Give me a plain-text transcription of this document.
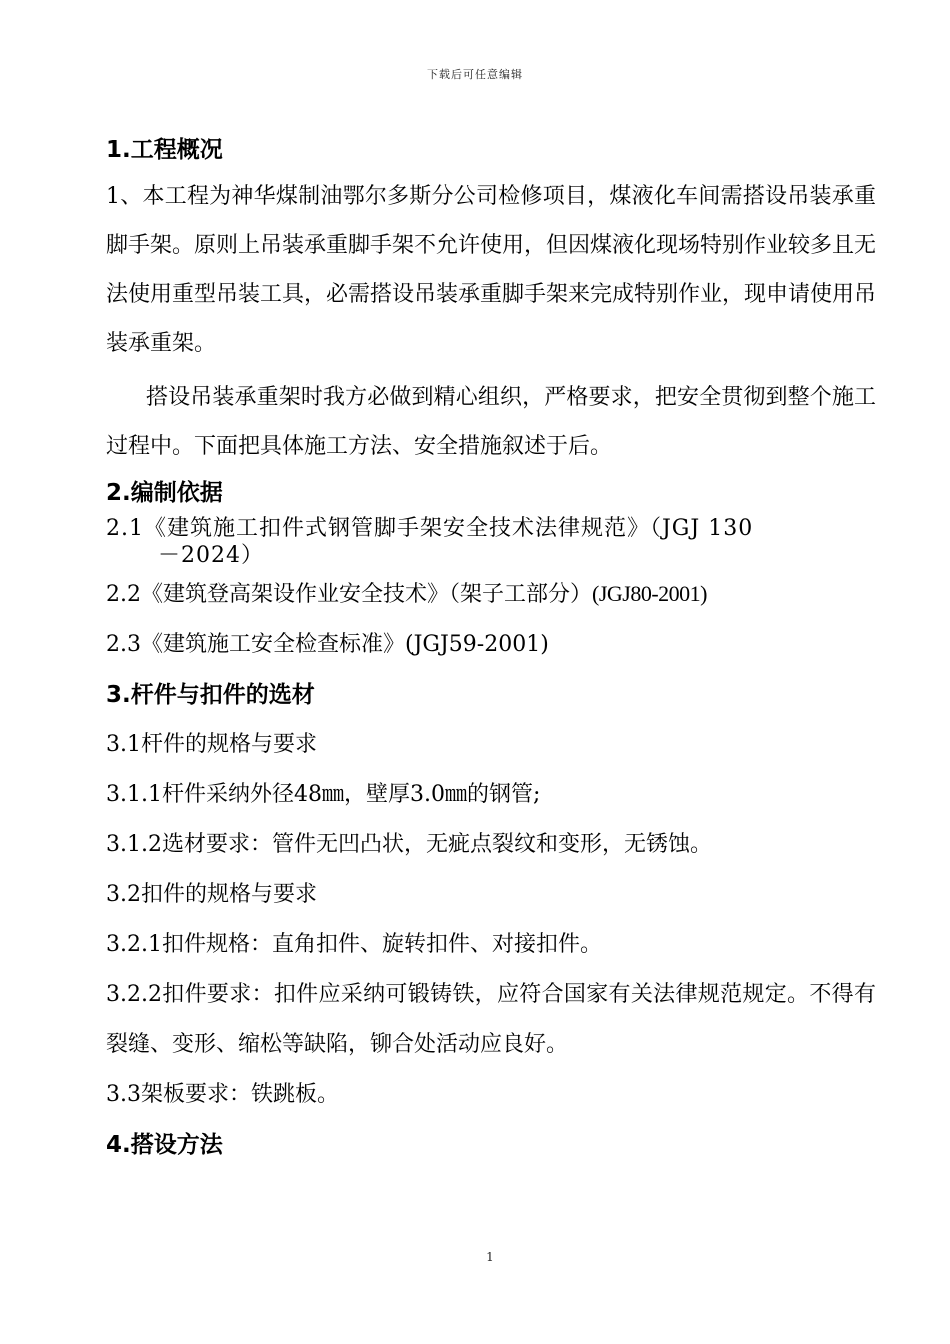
下载后可任意编辑
1.工程概况

1、本工程为神华煤制油鄂尔多斯分公司检修项目，煤液化车间需搭设吊装承重脚手架。原则上吊装承重脚手架不允许使用，但因煤液化现场特别作业较多且无法使用重型吊装工具，必需搭设吊装承重脚手架来完成特别作业，现申请使用吊装承重架。

搭设吊装承重架时我方必做到精心组织，严格要求，把安全贯彻到整个施工过程中。下面把具体施工方法、安全措施叙述于后。

2.编制依据

2.1《建筑施工扣件式钢管脚手架安全技术法律规范》（JGJ 130
－2024）

2.2《建筑登高架设作业安全技术》（架子工部分）(JGJ80-2001)

2.3《建筑施工安全检查标准》(JGJ59-2001)

3.杆件与扣件的选材

3.1杆件的规格与要求

3.1.1杆件采纳外径48㎜，壁厚3.0㎜的钢管;

3.1.2选材要求：管件无凹凸状，无疵点裂纹和变形，无锈蚀。

3.2扣件的规格与要求

3.2.1扣件规格：直角扣件、旋转扣件、对接扣件。

3.2.2扣件要求：扣件应采纳可锻铸铁，应符合国家有关法律规范规定。不得有裂缝、变形、缩松等缺陷，铆合处活动应良好。

3.3架板要求：铁跳板。

4.搭设方法
1
